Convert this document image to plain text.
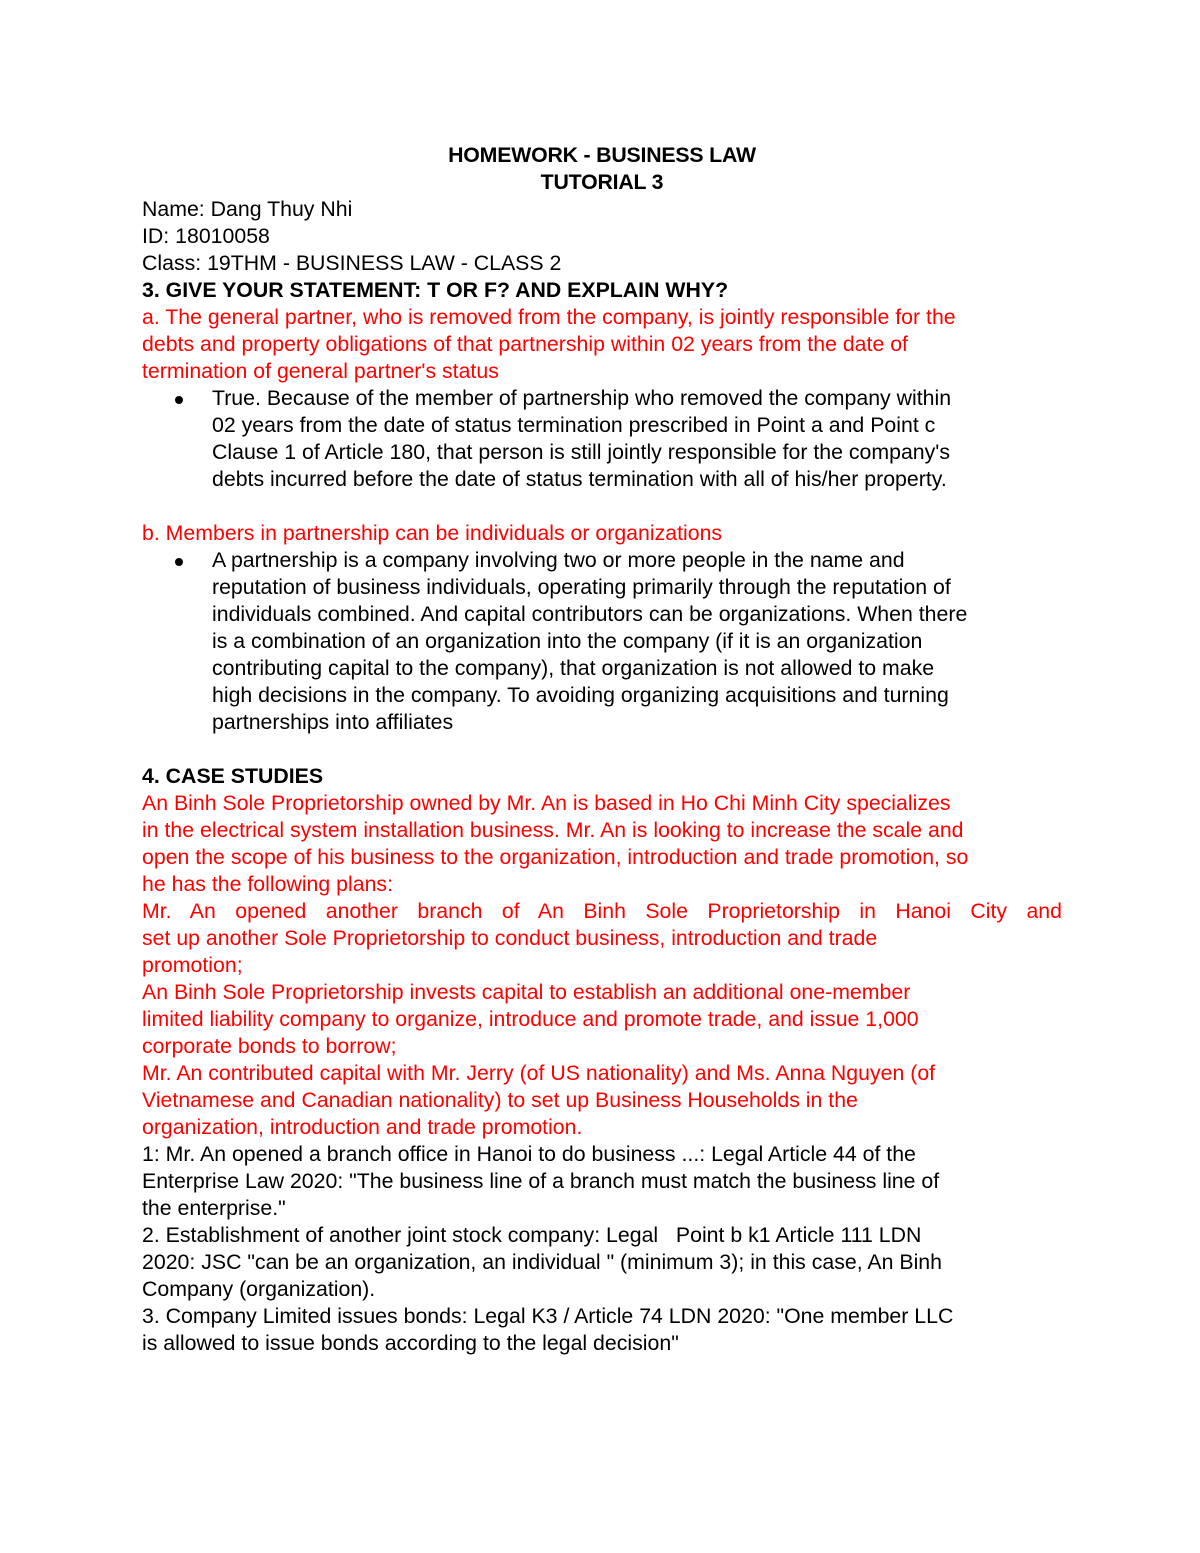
HOMEWORK - BUSINESS LAW

TUTORIAL 3

Name: Dang Thuy Nhi

ID: 18010058

Class: 19THM - BUSINESS LAW - CLASS 2

3. GIVE YOUR STATEMENT: T OR F? AND EXPLAIN WHY?

a. The general partner, who is removed from the company, is jointly responsible for the

debts and property obligations of that partnership within 02 years from the date of

termination of general partner's status

True. Because of the member of partnership who removed the company within

02 years from the date of status termination prescribed in Point a and Point c

Clause 1 of Article 180, that person is still jointly responsible for the company's

debts incurred before the date of status termination with all of his/her property.

b. Members in partnership can be individuals or organizations

A partnership is a company involving two or more people in the name and

reputation of business individuals, operating primarily through the reputation of

individuals combined. And capital contributors can be organizations. When there

is a combination of an organization into the company (if it is an organization

contributing capital to the company), that organization is not allowed to make

high decisions in the company. To avoiding organizing acquisitions and turning

partnerships into affiliates

4. CASE STUDIES

An Binh Sole Proprietorship owned by Mr. An is based in Ho Chi Minh City specializes

in the electrical system installation business. Mr. An is looking to increase the scale and

open the scope of his business to the organization, introduction and trade promotion, so

he has the following plans:

Mr. An opened another branch of An Binh Sole Proprietorship in Hanoi City and

set up another Sole Proprietorship to conduct business, introduction and trade

promotion;

An Binh Sole Proprietorship invests capital to establish an additional one-member

limited liability company to organize, introduce and promote trade, and issue 1,000

corporate bonds to borrow;

Mr. An contributed capital with Mr. Jerry (of US nationality) and Ms. Anna Nguyen (of

Vietnamese and Canadian nationality) to set up Business Households in the

organization, introduction and trade promotion.

1: Mr. An opened a branch office in Hanoi to do business ...: Legal Article 44 of the

Enterprise Law 2020: "The business line of a branch must match the business line of

the enterprise."

2. Establishment of another joint stock company: Legal   Point b k1 Article 111 LDN

2020: JSC "can be an organization, an individual " (minimum 3); in this case, An Binh

Company (organization).

3. Company Limited issues bonds: Legal K3 / Article 74 LDN 2020: "One member LLC

is allowed to issue bonds according to the legal decision"
